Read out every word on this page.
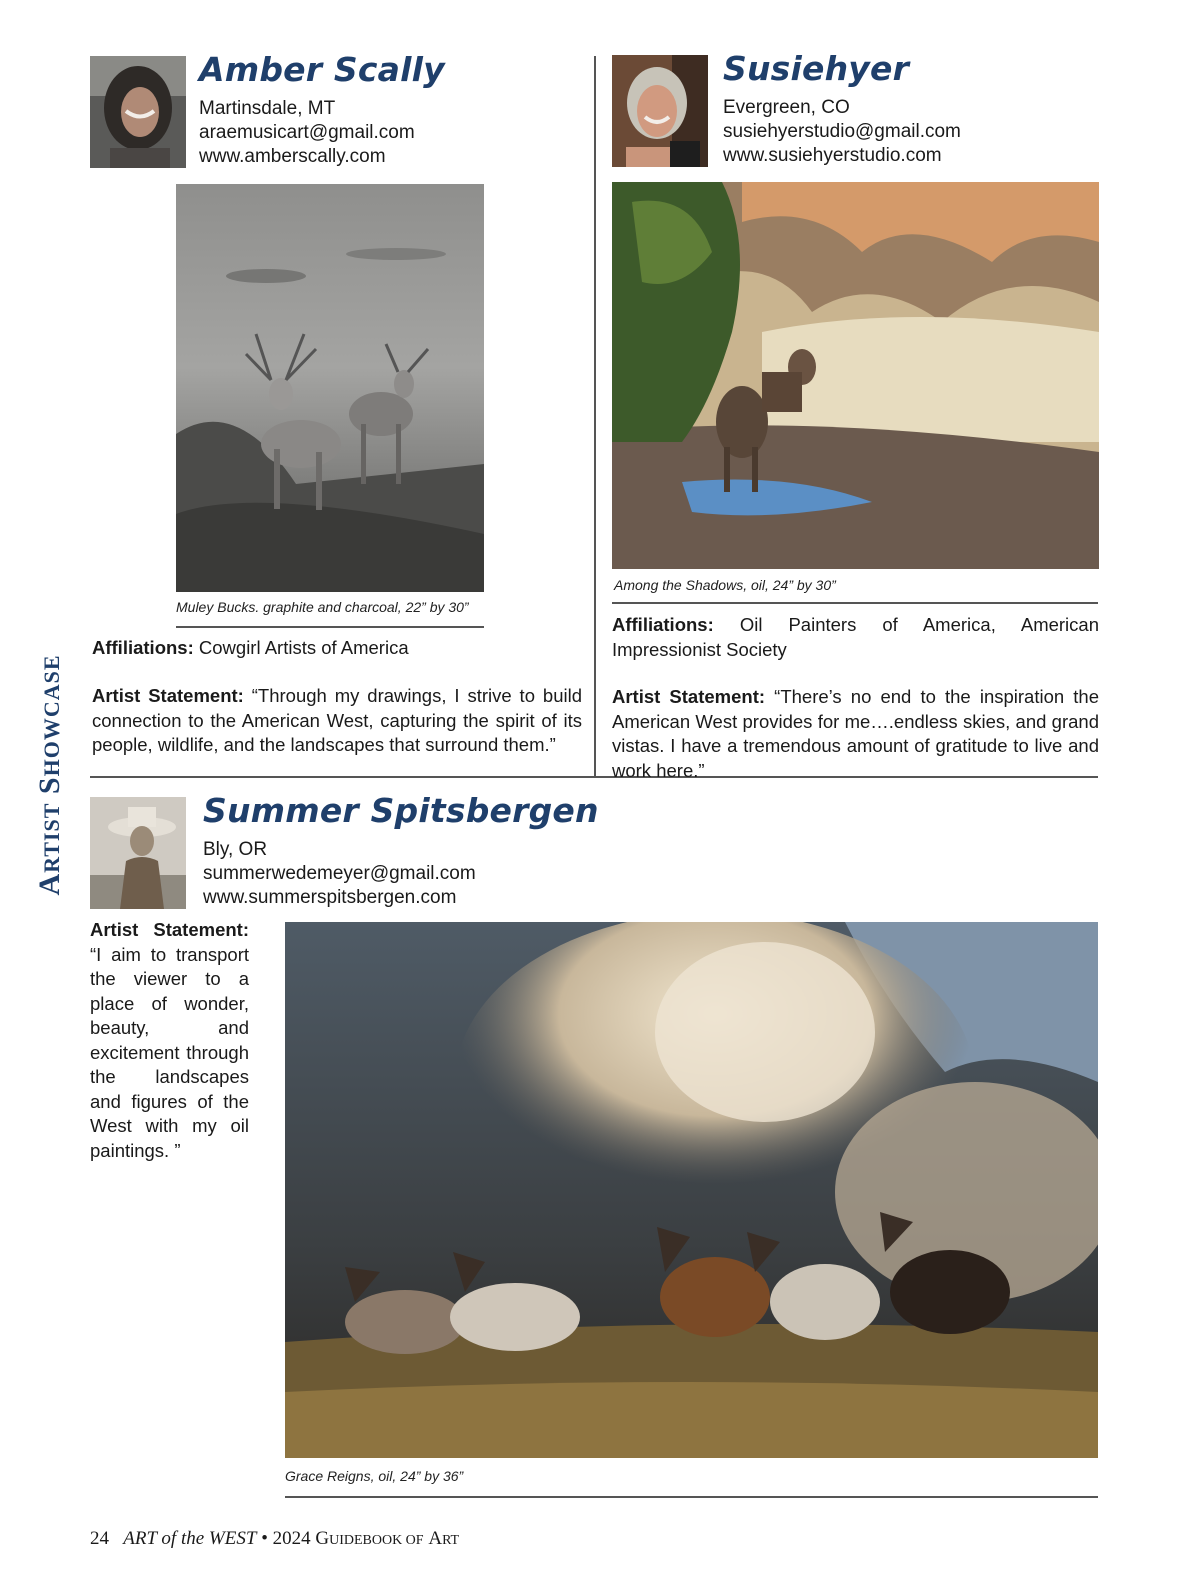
ARTIST SHOWCASE
Amber Scally
Martinsdale, MT
araemusicart@gmail.com
www.amberscally.com
Muley Bucks. graphite and charcoal, 22” by 30”
Affiliations: Cowgirl Artists of America
Artist Statement: “Through my drawings, I strive to build connection to the American West, capturing the spirit of its people, wildlife, and the landscapes that surround them.”
Susiehyer
Evergreen, CO
susiehyerstudio@gmail.com
www.susiehyerstudio.com
Among the Shadows, oil, 24” by 30”
Affiliations: Oil Painters of America, American Impressionist Society
Artist Statement: “There’s no end to the inspiration the American West provides for me….endless skies, and grand vistas. I have a tremendous amount of gratitude to live and work here.”
Summer Spitsbergen
Bly, OR
summerwedemeyer@gmail.com
www.summerspitsbergen.com
Artist Statement: “I aim to transport the viewer to a place of wonder, beauty, and excitement through the landscapes and figures of the West with my oil paintings. ”
Grace Reigns, oil, 24” by 36”
24 ART of the WEST • 2024 GUIDEBOOK OF ART
